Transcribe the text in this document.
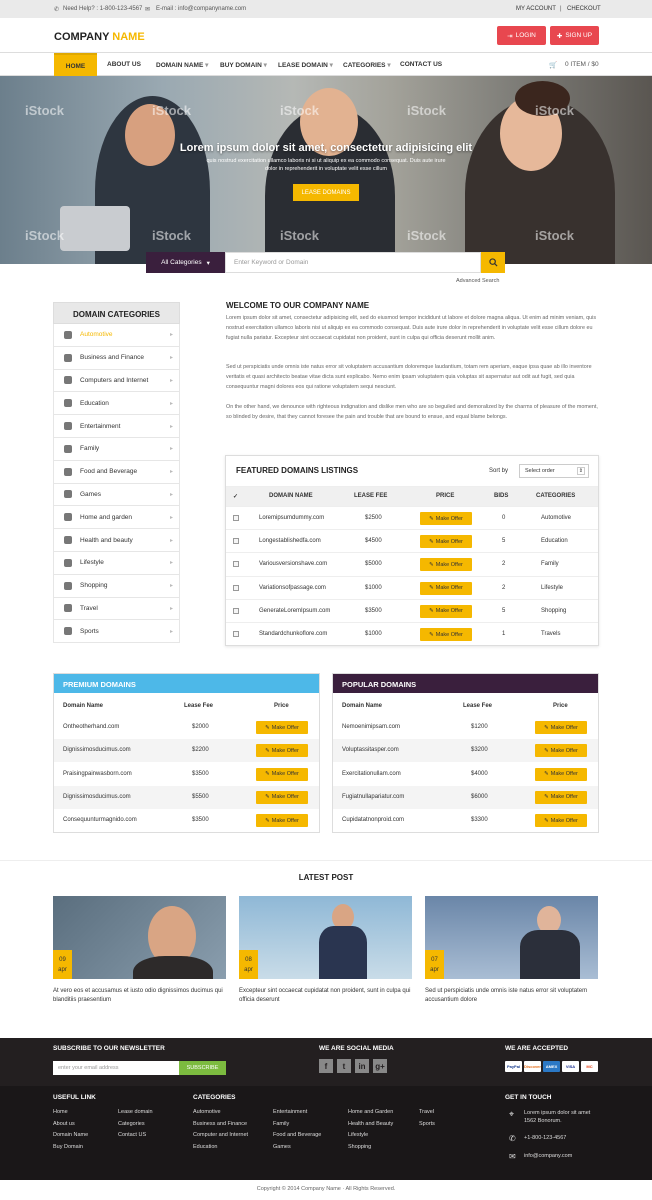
✆ Need Help? : 1-800-123-4567 ✉ E-mail : info@companyname.com	MY ACCOUNT | CHECKOUT
COMPANY NAME	⇥ LOGIN	✚ SIGN UP
HOME	ABOUT US DOMAIN NAME ▾ BUY DOMAIN ▾ LEASE DOMAIN ▾ CATEGORIES ▾ CONTACT US	🛒 0 ITEM / $0
iStock	iStock	iStock	iStock	iStock
iStock	iStock	iStock	iStock	iStock
Lorem ipsum dolor sit amet, consectetur adipisicing elit
quis nostrud exercitation ullamco laboris ni si ut aliquip ex ea commodo consequat. Duis aute irure dolor in reprehenderit in voluptate velit esse cillum
LEASE DOMAINS
All Categories ▾	Enter Keyword or Domain
Advanced Search
DOMAIN CATEGORIES
Automotive	▸
Business and Finance	▸
Computers and Internet	▸
Education	▸
Entertainment	▸
Family	▸
Food and Beverage	▸
Games	▸
Home and garden	▸
Health and beauty	▸
Lifestyle	▸
Shopping	▸
Travel	▸
Sports	▸
WELCOME TO OUR COMPANY NAME
Lorem ipsum dolor sit amet, consectetur adipisicing elit, sed do eiusmod tempor incididunt ut labore et dolore magna aliqua. Ut enim ad minim veniam, quis nostrud exercitation ullamco laboris nisi ut aliquip ex ea commodo consequat. Duis aute irure dolor in reprehenderit in voluptate velit esse cillum dolore eu fugiat nulla pariatur. Excepteur sint occaecat cupidatat non proident, sunt in culpa qui officia deserunt mollit anim.
Sed ut perspiciatis unde omnis iste natus error sit voluptatem accusantium doloremque laudantium, totam rem aperiam, eaque ipsa quae ab illo inventore veritatis et quasi architecto beatae vitae dicta sunt explicabo. Nemo enim ipsam voluptatem quia voluptas sit aspernatur aut odit aut fugit, sed quia consequuntur magni dolores eos qui ratione voluptatem sequi nesciunt.
On the other hand, we denounce with righteous indignation and dislike men who are so beguiled and demoralized by the charms of pleasure of the moment, so blinded by desire, that they cannot foresee the pain and trouble that are bound to ensue, and equal blame belongs.
FEATURED DOMAINS LISTINGS	Sort by	Select order	⇕
✓	DOMAIN NAME	LEASE FEE	PRICE	BIDS	CATEGORIES
Loremipsumdummy.com	$2500	✎ Make Offer	0	Automotive
Longestablishedfa.com	$4500	✎ Make Offer	5	Education
Variousversionshave.com	$5000	✎ Make Offer	2	Family
Variationsofpassage.com	$1000	✎ Make Offer	2	Lifestyle
GenerateLoremIpsum.com	$3500	✎ Make Offer	5	Shopping
Standardchunkoflore.com	$1000	✎ Make Offer	1	Travels
PREMIUM DOMAINS
Domain Name	Lease Fee	Price
Ontheotherhand.com	$2000	✎ Make Offer
Dignissimosducimus.com	$2200	✎ Make Offer
Praisingpainwasborn.com	$3500	✎ Make Offer
Dignissimosducimus.com	$5500	✎ Make Offer
Consequunturmagnido.com	$3500	✎ Make Offer
POPULAR DOMAINS
Domain Name	Lease Fee	Price
Nemoenimipsam.com	$1200	✎ Make Offer
Voluptassitasper.com	$3200	✎ Make Offer
Exercitationullam.com	$4000	✎ Make Offer
Fugiatnullapariatur.com	$6000	✎ Make Offer
Cupidatatnonproid.com	$3300	✎ Make Offer
LATEST POST
09
apr
08
apr
07
apr
At vero eos et accusamus et iusto odio dignissimos ducimus qui blanditiis praesentium
Excepteur sint occaecat cupidatat non proident, sunt in culpa qui officia deserunt
Sed ut perspiciatis unde omnis iste natus error sit voluptatem accusantium dolore
SUBSCRIBE TO OUR NEWSLETTER
enter your email address	SUBSCRIBE
WE ARE SOCIAL MEDIA
f	t	in	g+
WE ARE ACCEPTED
PayPal Discover	AMEX	VISA	MC
USEFUL LINK	CATEGORIES	GET IN TOUCH
Home
About us
Domain Name
Buy Domain
Lease domain
Categories
Contact US
Automotive
Business and Finance
Computer and Internet
Education
Entertainment
Family
Food and Beverage
Games
Home and Garden
Health and Beauty
Lifestyle
Shopping
Travel
Sports
⌖ Lorem ipsum dolor sit amet 1562 Bonorum.
✆ +1-800-123-4567
✉ info@company.com
Copyright © 2014 Company Name · All Rights Reserved.
